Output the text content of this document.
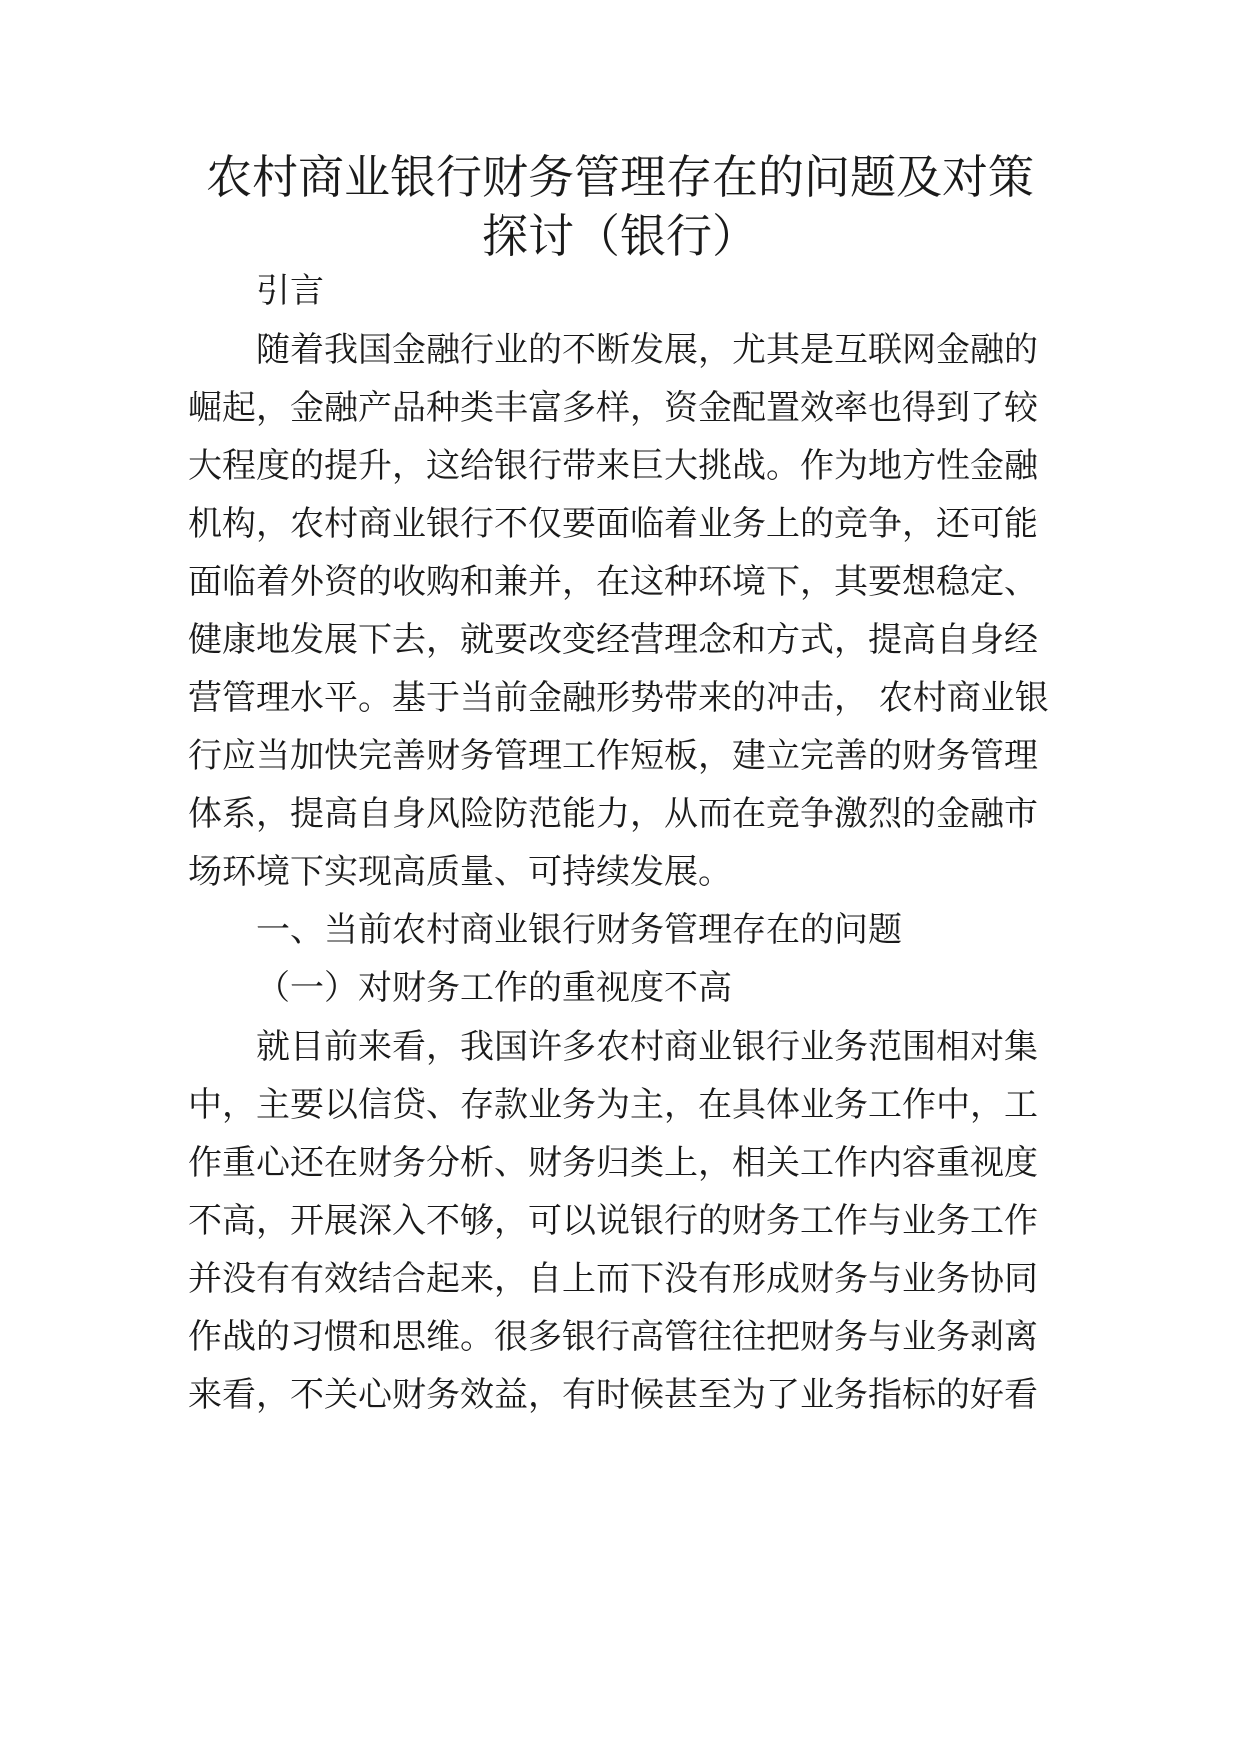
农村商业银行财务管理存在的问题及对策
探讨（银行）

引言

随着我国金融行业的不断发展，尤其是互联网金融的

崛起，金融产品种类丰富多样，资金配置效率也得到了较

大程度的提升，这给银行带来巨大挑战。作为地方性金融

机构，农村商业银行不仅要面临着业务上的竞争，还可能

面临着外资的收购和兼并，在这种环境下，其要想稳定、

健康地发展下去，就要改变经营理念和方式，提高自身经

营管理水平。基于当前金融形势带来的冲击， 农村商业银

行应当加快完善财务管理工作短板，建立完善的财务管理

体系，提高自身风险防范能力，从而在竞争激烈的金融市

场环境下实现高质量、可持续发展。

一、当前农村商业银行财务管理存在的问题

（一）对财务工作的重视度不高

就目前来看，我国许多农村商业银行业务范围相对集

中，主要以信贷、存款业务为主，在具体业务工作中，工

作重心还在财务分析、财务归类上，相关工作内容重视度

不高，开展深入不够，可以说银行的财务工作与业务工作

并没有有效结合起来，自上而下没有形成财务与业务协同

作战的习惯和思维。很多银行高管往往把财务与业务剥离

来看，不关心财务效益，有时候甚至为了业务指标的好看
